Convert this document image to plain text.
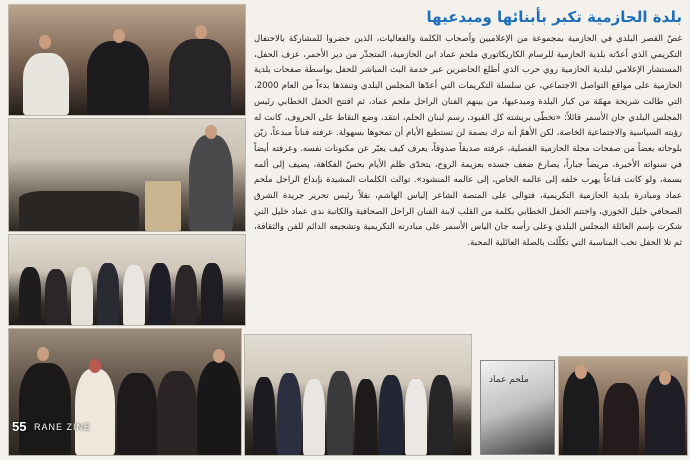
ملحم عماد
بلدة الحازمية تكبر بأبنائها ومبدعيها

غصّ القصر البلدي في الحازمية بمجموعة من الإعلاميين وأصحاب الكلمة والفعاليات، الذين حضروا للمشاركة بالاحتفال التكريمي الذي أعدّته بلدية الحازمية للرسام الكاريكاتوري ملحم عماد ابن الحازمية، المتجذّر من دير الأحمر، عزف الحفل، المستشار الإعلامي لبلدية الحازمية روي حرب الذي أطلع الحاضرين عبر خدمة البث المباشر للحفل بواسطة صفحات بلدية الحازمية على مواقع التواصل الاجتماعي، عن سلسلة التكريمات التي أعدّها المجلس البلدي وتنفذها بدءاً من العام 2000، التي طالت شريحة مهمّة من كبار البلدة ومبدعيها، من بينهم الفنان الراحل ملحم عماد، ثم افتتح الحفل الخطابي رئيس المجلس البلدي جان الأسمر قائلاً: «تخطّى بريشته كل القيود، رسم لبنان الحلم، انتقد، وضع النقاط على الحروف، كانت له رؤيته السياسية والاجتماعية الخاصة، لكن الأهمّ أنه ترك بصمة لن تستطيع الأيام أن تمحوها بسهولة. عرفته فناناً مبدعاً، زيّن بلوحاته بعضاً من صفحات مجلة الحازمية الفصلية، عرفته صديقاً صدوقاً، يعرف كيف يعبّر عن مكنونات نفسه. وعرفته أيضاً في سنواته الأخيرة، مريضاً جباراً، يصارع ضعف جسده بعزيمة الروح، يتحدّى ظلم الأيام بحسّ الفكاهة، يضيف إلى ألمه بسمة، ولو كانت قناعاً يهرب خلفه إلى عالمه الخاص، إلى عالمه المنشود». توالت الكلمات المشيدة بإبداع الراحل ملحم عماد ومبادرة بلدية الحازمية التكريمية، فتوالى على المنصة الشاعر إلياس الهاشم، نقلاً رئيس تحرير جريدة الشرق الصحافي خليل الخوري، واختتم الحفل الخطابي بكلمة من القلب لابنة الفنان الراحل الصحافية والكاتبة ندى عماد خليل التي شكرت بإسم العائلة المجلس البلدي وعلى رأسه جان الياس الأسمر على مبادرته التكريمية وتشجيعه الدائم للفن والثقافة، ثم تلا الحفل نخب المناسبة التي تكلّلت بالصلة العائلية المحبة.

55 RANE ZINE
